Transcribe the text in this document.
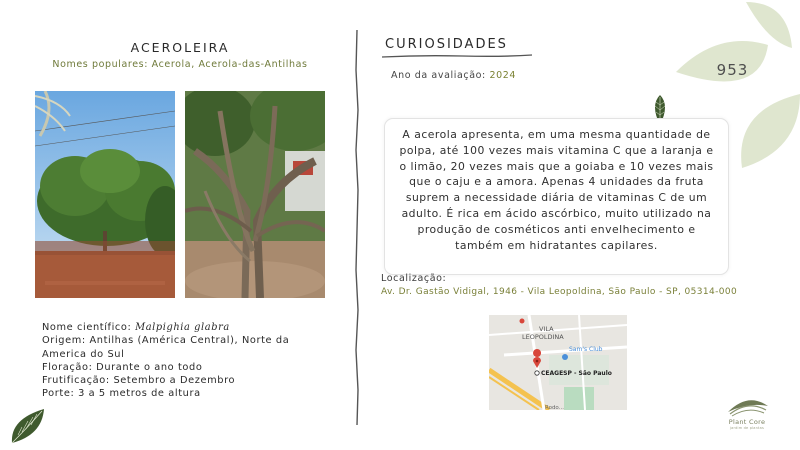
ACEROLEIRA
Nomes populares: Acerola, Acerola-das-Antilhas
Nome científico: Malpighia glabra
Origem: Antilhas (América Central), Norte da America do Sul
Floração: Durante o ano todo
Frutificação: Setembro a Dezembro
Porte: 3 a 5 metros de altura
CURIOSIDADES
Ano da avaliação: 2024	953

A acerola apresenta, em uma mesma quantidade de polpa, até 100 vezes mais vitamina C que a laranja e o limão, 20 vezes mais que a goiaba e 10 vezes mais que o caju e a amora. Apenas 4 unidades da fruta suprem a necessidade diária de vitaminas C de um adulto. É rica em ácido ascórbico, muito utilizado na produção de cosméticos anti envelhecimento e também em hidratantes capilares.

Localização:
Av. Dr. Gastão Vidigal, 1946 - Vila Leopoldina, São Paulo - SP, 05314-000
VILA
LEOPOLDINA
Sam's Club
CEAGESP - São Paulo
Rodo...
Plant Core
jardim de plantas
